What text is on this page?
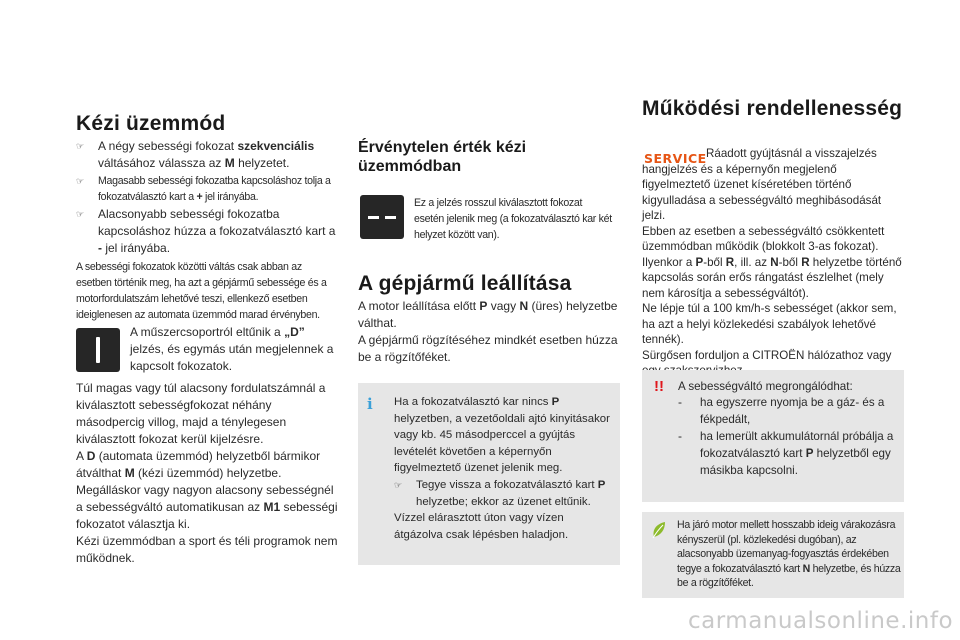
Kézi üzemmód
☞	A négy sebességi fokozat szekvenciális váltásához válassza az M helyzetet.

☞	Magasabb sebességi fokozatba kapcsoláshoz tolja a fokozatválasztó kart a + jel irányába.

☞	Alacsonyabb sebességi fokozatba kapcsoláshoz húzza a fokozatválasztó kart a - jel irányába.

A sebességi fokozatok közötti váltás csak abban az esetben történik meg, ha azt a gépjármű sebessége és a motorfordulatszám lehetővé teszi, ellenkező esetben ideiglenesen az automata üzemmód marad érvényben.

A műszercsoportról eltűnik a „D” jelzés, és egymás után megjelennek a kapcsolt fokozatok.

Túl magas vagy túl alacsony fordulatszámnál a kiválasztott sebességfokozat néhány másodpercig villog, majd a ténylegesen kiválasztott fokozat kerül kijelzésre.

A D (automata üzemmód) helyzetből bármikor átválthat M (kézi üzemmód) helyzetbe.

Megálláskor vagy nagyon alacsony sebességnél a sebességváltó automatikusan az M1 sebességi fokozatot választja ki.

Kézi üzemmódban a sport és téli programok nem működnek.

Érvénytelen érték kézi üzemmódban

Ez a jelzés rosszul kiválasztott fokozat esetén jelenik meg (a fokozatválasztó kar két helyzet között van).

A gépjármű leállítása

A motor leállítása előtt P vagy N (üres) helyzetbe válthat.

A gépjármű rögzítéséhez mindkét esetben húzza be a rögzítőféket.

i	Ha a fokozatválasztó kar nincs P helyzetben, a vezetőoldali ajtó kinyitásakor vagy kb. 45 másodperccel a gyújtás levételét követően a képernyőn figyelmeztető üzenet jelenik meg.

☞	Tegye vissza a fokozatválasztó kart P helyzetbe; ekkor az üzenet eltűnik.

Vízzel elárasztott úton vagy vízen átgázolva csak lépésben haladjon.

Működési rendellenesség
SERVICE Ráadott gyújtásnál a visszajelzés hangjelzés és a képernyőn megjelenő figyelmeztető üzenet kíséretében történő kigyulladása a sebességváltó meghibásodását jelzi.

Ebben az esetben a sebességváltó csökkentett üzemmódban működik (blokkolt 3-as fokozat). Ilyenkor a P-ből R, ill. az N-ből R helyzetbe történő kapcsolás során erős rángatást észlelhet (mely nem károsítja a sebességváltót).

Ne lépje túl a 100 km/h-s sebességet (akkor sem, ha azt a helyi közlekedési szabályok lehetővé tennék).

Sürgősen forduljon a CITROËN hálózathoz vagy

!! A sebességváltó megrongálódhat:

-	ha egyszerre nyomja be a gáz- és a fékpedált,

-	ha lemerült akkumulátornál próbálja a fokozatválasztó kart P helyzetből egy másikba kapcsolni.

Ha járó motor mellett hosszabb ideig várakozásra kényszerül (pl. közlekedési dugóban), az alacsonyabb üzemanyag-fogyasztás érdekében tegye a fokozatválasztó kart N helyzetbe, és húzza be a rögzítőféket.

carmanualsonline.info
